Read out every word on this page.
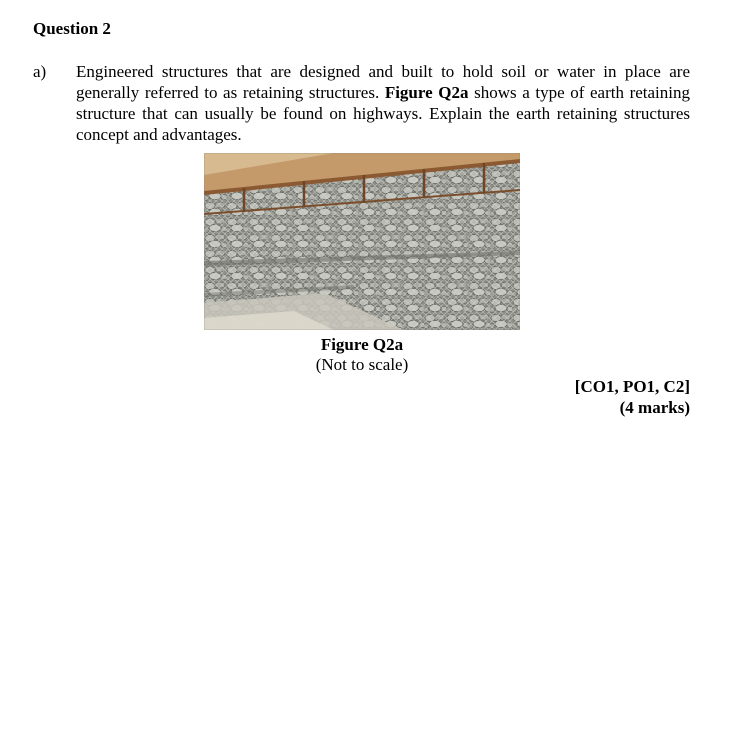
Question 2
a) Engineered structures that are designed and built to hold soil or water in place are generally referred to as retaining structures. Figure Q2a shows a type of earth retaining structure that can usually be found on highways. Explain the earth retaining structures concept and advantages.
Figure Q2a
(Not to scale)
[CO1, PO1, C2]
(4 marks)
